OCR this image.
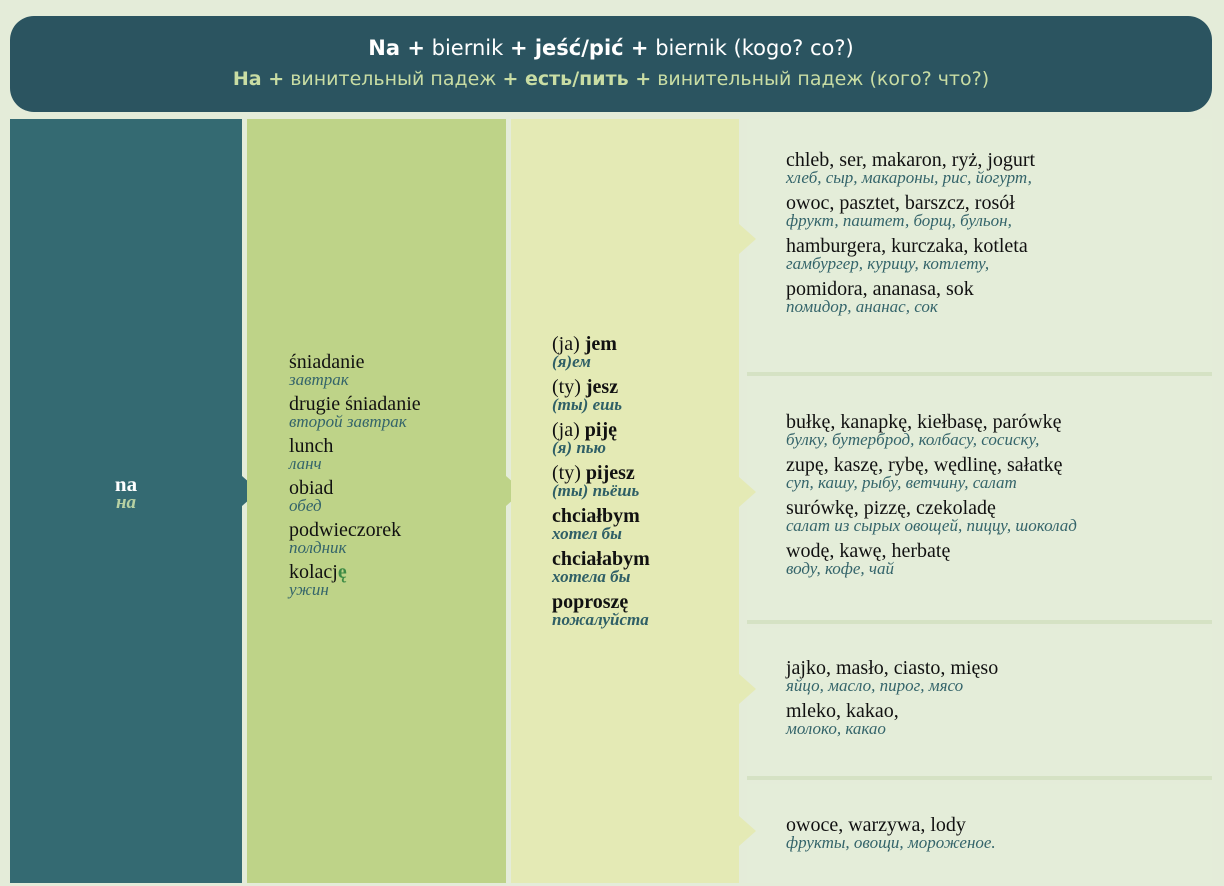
Na + biernik + jeść/pić + biernik (kogo? co?)
На + винительный падеж + есть/пить + винительный падеж (кого? что?)
na
на
śniadanie
завтрак
drugie śniadanie
второй завтрак
lunch
ланч
obiad
обед
podwieczorek
полдник
kolację
ужин
(ja) jem
(я)ем
(ty) jesz
(ты) ешь
(ja) piję
(я) пью
(ty) pijesz
(ты) пьёшь
chciałbym
хотел бы
chciałabym
хотела бы
poproszę
пожалуйста
chleb, ser, makaron, ryż, jogurt
хлеб, сыр, макароны, рис, йогурт,
owoc, pasztet, barszcz, rosół
фрукт, паштет, борщ, бульон,
hamburgera, kurczaka, kotleta
гамбургер, курицу, котлету,
pomidora, ananasa, sok
помидор, ананас, сок
bułkę, kanapkę, kiełbasę, parówkę
булку, бутерброд, колбасу, сосиску,
zupę, kaszę, rybę, wędlinę, sałatkę
суп, кашу, рыбу, ветчину, салат
surówkę, pizzę, czekoladę
салат из сырых овощей, пиццу, шоколад
wodę, kawę, herbatę
воду, кофе, чай
jajko, masło, ciasto, mięso
яйцо, масло, пирог, мясо
mleko, kakao,
молоко, какао
owoce, warzywa, lody
фрукты, овощи, мороженое.
